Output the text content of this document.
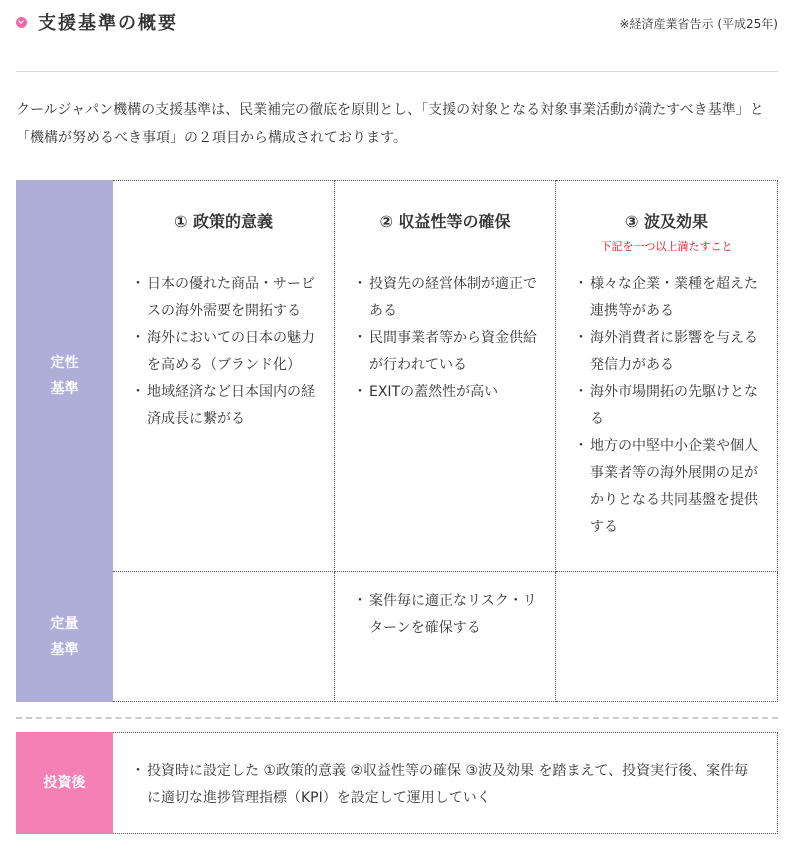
支援基準の概要	※経済産業省告示 (平成25年)

クールジャパン機構の支援基準は、民業補完の徹底を原則とし、「支援の対象となる対象事業活動が満たすべき基準」と「機構が努めるべき事項」の２項目から構成されております。

定性
基準
定量
基準
① 政策的意義
・ 日本の優れた商品・サービスの海外需要を開拓する
・ 海外においての日本の魅力を高める（ブランド化）
・ 地域経済など日本国内の経済成長に繋がる
② 収益性等の確保
・ 投資先の経営体制が適正である
・ 民間事業者等から資金供給が行われている
・ EXITの蓋然性が高い
③ 波及効果
下記を一つ以上満たすこと
・ 様々な企業・業種を超えた連携等がある
・ 海外消費者に影響を与える発信力がある
・ 海外市場開拓の先駆けとなる
・ 地方の中堅中小企業や個人事業者等の海外展開の足がかりとなる共同基盤を提供する
・ 案件毎に適正なリスク・リターンを確保する
投資後
・ 投資時に設定した ①政策的意義 ②収益性等の確保 ③波及効果 を踏まえて、投資実行後、案件毎に適切な進捗管理指標（KPI）を設定して運用していく
